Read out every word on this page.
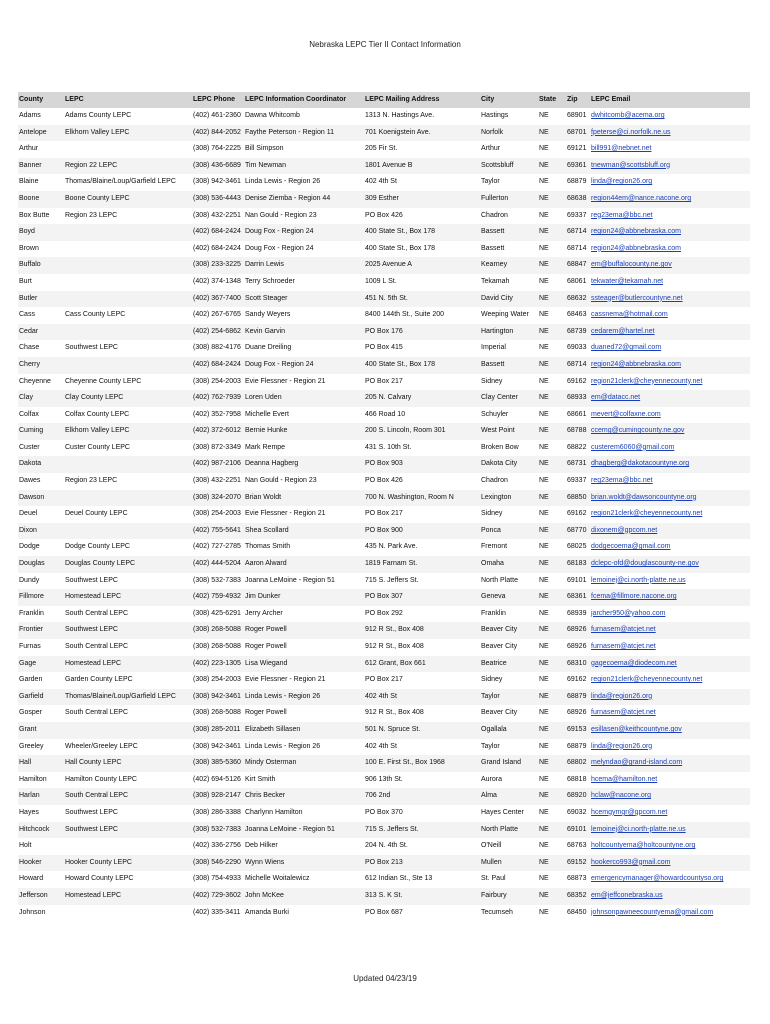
Nebraska LEPC Tier II Contact Information
County	LEPC	LEPC Phone	LEPC Information Coordinator	LEPC Mailing Address	City	State	Zip	LEPC Email
Adams	Adams County LEPC	(402) 461-2360	Dawna Whitcomb	1313 N. Hastings Ave.	Hastings	NE	68901	dwhitcomb@acema.org
Antelope	Elkhorn Valley LEPC	(402) 844-2052	Faythe Peterson - Region 11	701 Koenigstein Ave.	Norfolk	NE	68701	fpeterse@ci.norfolk.ne.us
Arthur		(308) 764-2225	Bill Simpson	205 Fir St.	Arthur	NE	69121	bill991@nebnet.net
Banner	Region 22 LEPC	(308) 436-6689	Tim Newman	1801 Avenue B	Scottsbluff	NE	69361	tnewman@scottsbluff.org
Blaine	Thomas/Blaine/Loup/Garfield LEPC	(308) 942-3461	Linda Lewis - Region 26	402 4th St	Taylor	NE	68879	linda@region26.org
Boone	Boone County LEPC	(308) 536-4443	Denise Ziemba - Region 44	309 Esther	Fullerton	NE	68638	region44em@nance.nacone.org
Box Butte	Region 23 LEPC	(308) 432-2251	Nan Gould - Region 23	PO Box 426	Chadron	NE	69337	reg23ema@bbc.net
Boyd		(402) 684-2424	Doug Fox - Region 24	400 State St., Box 178	Bassett	NE	68714	region24@abbnebraska.com
Brown		(402) 684-2424	Doug Fox - Region 24	400 State St., Box 178	Bassett	NE	68714	region24@abbnebraska.com
Buffalo		(308) 233-3225	Darrin Lewis	2025 Avenue A	Kearney	NE	68847	em@buffalocounty.ne.gov
Burt		(402) 374-1348	Terry Schroeder	1009 L St.	Tekamah	NE	68061	tekwater@tekamah.net
Butler		(402) 367-7400	Scott Steager	451 N. 5th St.	David City	NE	68632	ssteager@butlercountyne.net
Cass	Cass County LEPC	(402) 267-6765	Sandy Weyers	8400 144th St., Suite 200	Weeping Water	NE	68463	cassnema@hotmail.com
Cedar		(402) 254-6862	Kevin Garvin	PO Box 176	Hartington	NE	68739	cedarem@hartel.net
Chase	Southwest LEPC	(308) 882-4176	Duane Dreiling	PO Box 415	Imperial	NE	69033	duaned72@gmail.com
Cherry		(402) 684-2424	Doug Fox - Region 24	400 State St., Box 178	Bassett	NE	68714	region24@abbnebraska.com
Cheyenne	Cheyenne County LEPC	(308) 254-2003	Evie Flessner - Region 21	PO Box 217	Sidney	NE	69162	region21clerk@cheyennecounty.net
Clay	Clay County LEPC	(402) 762-7939	Loren Uden	205 N. Calvary	Clay Center	NE	68933	em@datacc.net
Colfax	Colfax County LEPC	(402) 352-7958	Michelle Evert	466 Road 10	Schuyler	NE	68661	mevert@colfaxne.com
Cuming	Elkhorn Valley LEPC	(402) 372-6012	Bernie Hunke	200 S. Lincoln, Room 301	West Point	NE	68788	ccemg@cumingcounty.ne.gov
Custer	Custer County LEPC	(308) 872-3349	Mark Rempe	431 S. 10th St.	Broken Bow	NE	68822	custerem6060@gmail.com
Dakota		(402) 987-2106	Deanna Hagberg	PO Box 903	Dakota City	NE	68731	dhagberg@dakotacountyne.org
Dawes	Region 23 LEPC	(308) 432-2251	Nan Gould - Region 23	PO Box 426	Chadron	NE	69337	reg23ema@bbc.net
Dawson		(308) 324-2070	Brian Woldt	700 N. Washington, Room N	Lexington	NE	68850	brian.woldt@dawsoncountyne.org
Deuel	Deuel County LEPC	(308) 254-2003	Evie Flessner - Region 21	PO Box 217	Sidney	NE	69162	region21clerk@cheyennecounty.net
Dixon		(402) 755-5641	Shea Scollard	PO Box 900	Ponca	NE	68770	dixonem@gpcom.net
Dodge	Dodge County LEPC	(402) 727-2785	Thomas Smith	435 N. Park Ave.	Fremont	NE	68025	dodgecoema@gmail.com
Douglas	Douglas County LEPC	(402) 444-5204	Aaron Alward	1819 Farnam St.	Omaha	NE	68183	dclepc-ofd@douglascounty-ne.gov
Dundy	Southwest LEPC	(308) 532-7383	Joanna LeMoine - Region 51	715 S. Jeffers St.	North Platte	NE	69101	lemoinej@ci.north-platte.ne.us
Fillmore	Homestead LEPC	(402) 759-4932	Jim Dunker	PO Box 307	Geneva	NE	68361	fcema@fillmore.nacone.org
Franklin	South Central LEPC	(308) 425-6291	Jerry Archer	PO Box 292	Franklin	NE	68939	jarcher950@yahoo.com
Frontier	Southwest LEPC	(308) 268-5088	Roger Powell	912 R St., Box 408	Beaver City	NE	68926	furnasem@atcjet.net
Furnas	South Central LEPC	(308) 268-5088	Roger Powell	912 R St., Box 408	Beaver City	NE	68926	furnasem@atcjet.net
Gage	Homestead LEPC	(402) 223-1305	Lisa Wiegand	612 Grant, Box 661	Beatrice	NE	68310	gagecoema@diodecom.net
Garden	Garden County LEPC	(308) 254-2003	Evie Flessner - Region 21	PO Box 217	Sidney	NE	69162	region21clerk@cheyennecounty.net
Garfield	Thomas/Blaine/Loup/Garfield LEPC	(308) 942-3461	Linda Lewis - Region 26	402 4th St	Taylor	NE	68879	linda@region26.org
Gosper	South Central LEPC	(308) 268-5088	Roger Powell	912 R St., Box 408	Beaver City	NE	68926	furnasem@atcjet.net
Grant		(308) 285-2011	Elizabeth Sillasen	501 N. Spruce St.	Ogallala	NE	69153	esillasen@keithcountyne.gov
Greeley	Wheeler/Greeley LEPC	(308) 942-3461	Linda Lewis - Region 26	402 4th St	Taylor	NE	68879	linda@region26.org
Hall	Hall County LEPC	(308) 385-5360	Mindy Osterman	100 E. First St., Box 1968	Grand Island	NE	68802	melyndao@grand-island.com
Hamilton	Hamilton County LEPC	(402) 694-5126	Kirt Smith	906 13th St.	Aurora	NE	68818	hcema@hamilton.net
Harlan	South Central LEPC	(308) 928-2147	Chris Becker	706 2nd	Alma	NE	68920	hclaw@nacone.org
Hayes	Southwest LEPC	(308) 286-3388	Charlynn Hamilton	PO Box 370	Hayes Center	NE	69032	hcemgymgr@gpcom.net
Hitchcock	Southwest LEPC	(308) 532-7383	Joanna LeMoine - Region 51	715 S. Jeffers St.	North Platte	NE	69101	lemoinej@ci.north-platte.ne.us
Holt		(402) 336-2756	Deb Hilker	204 N. 4th St.	O'Neill	NE	68763	holtcountyema@holtcountyne.org
Hooker	Hooker County LEPC	(308) 546-2290	Wynn Wiens	PO Box 213	Mullen	NE	69152	hookerco993@gmail.com
Howard	Howard County LEPC	(308) 754-4933	Michelle Woitalewicz	612 Indian St., Ste 13	St. Paul	NE	68873	emergencymanager@howardcountyso.org
Jefferson	Homestead LEPC	(402) 729-3602	John McKee	313 S. K St.	Fairbury	NE	68352	em@jeffconebraska.us
Johnson		(402) 335-3411	Amanda Burki	PO Box 687	Tecumseh	NE	68450	johnsonpawneecountyema@gmail.com
Updated 04/23/19
